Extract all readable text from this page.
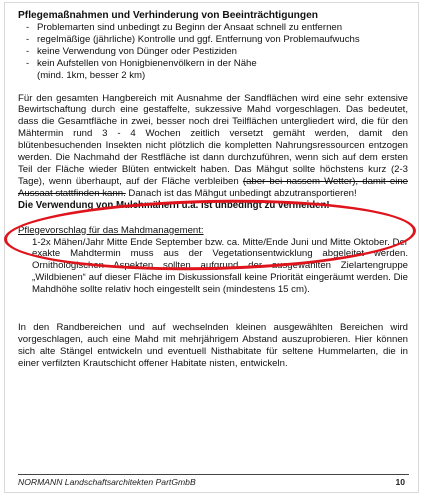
Pflegemaßnahmen und Verhinderung von Beeinträchtigungen
- Problemarten sind unbedingt zu Beginn der Ansaat schnell zu entfernen
- regelmäßige (jährliche) Kontrolle und ggf. Entfernung von Problemaufwuchs
- keine Verwendung von Dünger oder Pestiziden
- kein Aufstellen von Honigbienenvölkern in der Nähe
(mind. 1km, besser 2 km)

Für den gesamten Hangbereich mit Ausnahme der Sandflächen wird eine sehr extensive Bewirtschaftung durch eine gestaffelte, sukzessive Mahd vorgeschlagen. Das bedeutet, dass die Gesamtfläche in zwei, besser noch drei Teilflächen untergliedert wird, die für den Mähtermin rund 3 - 4 Wochen zeitlich versetzt gemäht werden, damit den blütenbesuchenden Insekten nicht plötzlich die kompletten Nahrungsressourcen entzogen werden. Die Nachmahd der Restfläche ist dann durchzuführen, wenn sich auf dem ersten Teil der Fläche wieder Blüten entwickelt haben. Das Mähgut sollte höchstens kurz (2-3 Tage), wenn überhaupt, auf der Fläche verbleiben (aber bei nassem Wetter), damit eine Aussaat stattfinden kann. Danach ist das Mähgut unbedingt abzutransportieren!

Die Verwendung von Mulchmähern u.ä. ist unbedingt zu vermeiden!
Pflegevorschlag für das Mahdmanagement:

1-2x Mähen/Jahr Mitte Ende September bzw. ca. Mitte/Ende Juni und Mitte Oktober. Der exakte Mahdtermin muss aus der Vegetationsentwicklung abgeleitet werden. Ornithologischen Aspekten sollten aufgrund der ausgewählten Zielartengruppe „Wildbienen“ auf dieser Fläche im Diskussionsfall keine Priorität eingeräumt werden. Die Mahdhöhe sollte relativ hoch eingestellt sein (mindestens 15 cm).

In den Randbereichen und auf wechselnden kleinen ausgewählten Bereichen wird vorgeschlagen, auch eine Mahd mit mehrjährigem Abstand auszuprobieren. Hier können sich alte Stängel entwickeln und eventuell Nisthabitate für seltene Hummelarten, die in einer verfilzten Krautschicht offener Habitate nisten, entwickeln.

NORMANN Landschaftsarchitekten PartGmbB	10
